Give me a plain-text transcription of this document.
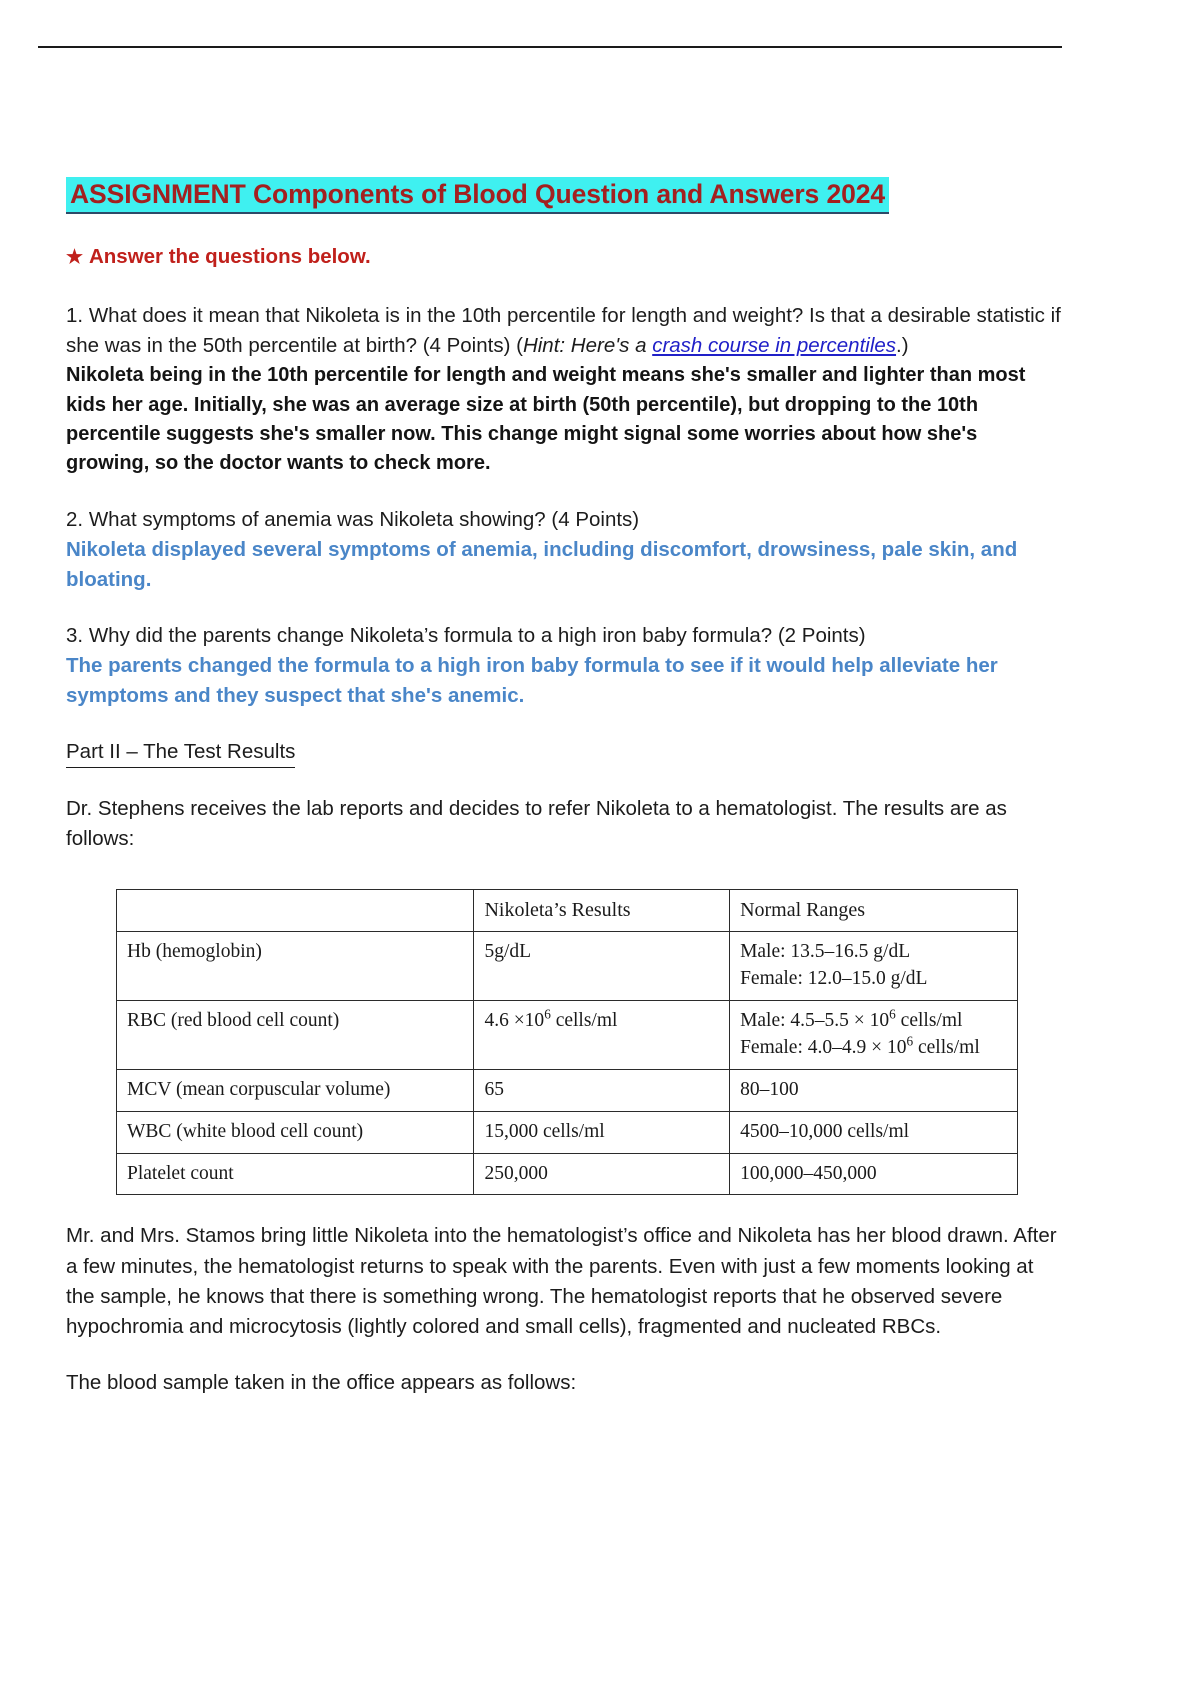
ASSIGNMENT Components of Blood Question and Answers 2024
★ Answer the questions below.

1. What does it mean that Nikoleta is in the 10th percentile for length and weight? Is that a desirable statistic if she was in the 50th percentile at birth? (4 Points) (Hint: Here's a crash course in percentiles.)

Nikoleta being in the 10th percentile for length and weight means she's smaller and lighter than most kids her age. Initially, she was an average size at birth (50th percentile), but dropping to the 10th percentile suggests she's smaller now. This change might signal some worries about how she's growing, so the doctor wants to check more.

2. What symptoms of anemia was Nikoleta showing? (4 Points)

Nikoleta displayed several symptoms of anemia, including discomfort, drowsiness, pale skin, and bloating.

3. Why did the parents change Nikoleta’s formula to a high iron baby formula? (2 Points)

The parents changed the formula to a high iron baby formula to see if it would help alleviate her symptoms and they suspect that she's anemic.

Part II – The Test Results

Dr. Stephens receives the lab reports and decides to refer Nikoleta to a hematologist. The results are as follows:

	Nikoleta’s Results	Normal Ranges
Hb (hemoglobin)	5g/dL	Male: 13.5–16.5 g/dL
Female: 12.0–15.0 g/dL

RBC (red blood cell count)	$4.6 \times 10^6$ cells/ml	Male: $4.5-5.5 \times 10^6$ cells/ml
Female: $4.0-4.9 \times 10^6$ cells/ml

MCV (mean corpuscular volume)	65	80–100
WBC (white blood cell count)	15,000 cells/ml	4500–10,000 cells/ml
Platelet count	250,000	100,000–450,000

Mr. and Mrs. Stamos bring little Nikoleta into the hematologist’s office and Nikoleta has her blood drawn. After a few minutes, the hematologist returns to speak with the parents. Even with just a few moments looking at the sample, he knows that there is something wrong. The hematologist reports that he observed severe hypochromia and microcytosis (lightly colored and small cells), fragmented and nucleated RBCs.

The blood sample taken in the office appears as follows:
